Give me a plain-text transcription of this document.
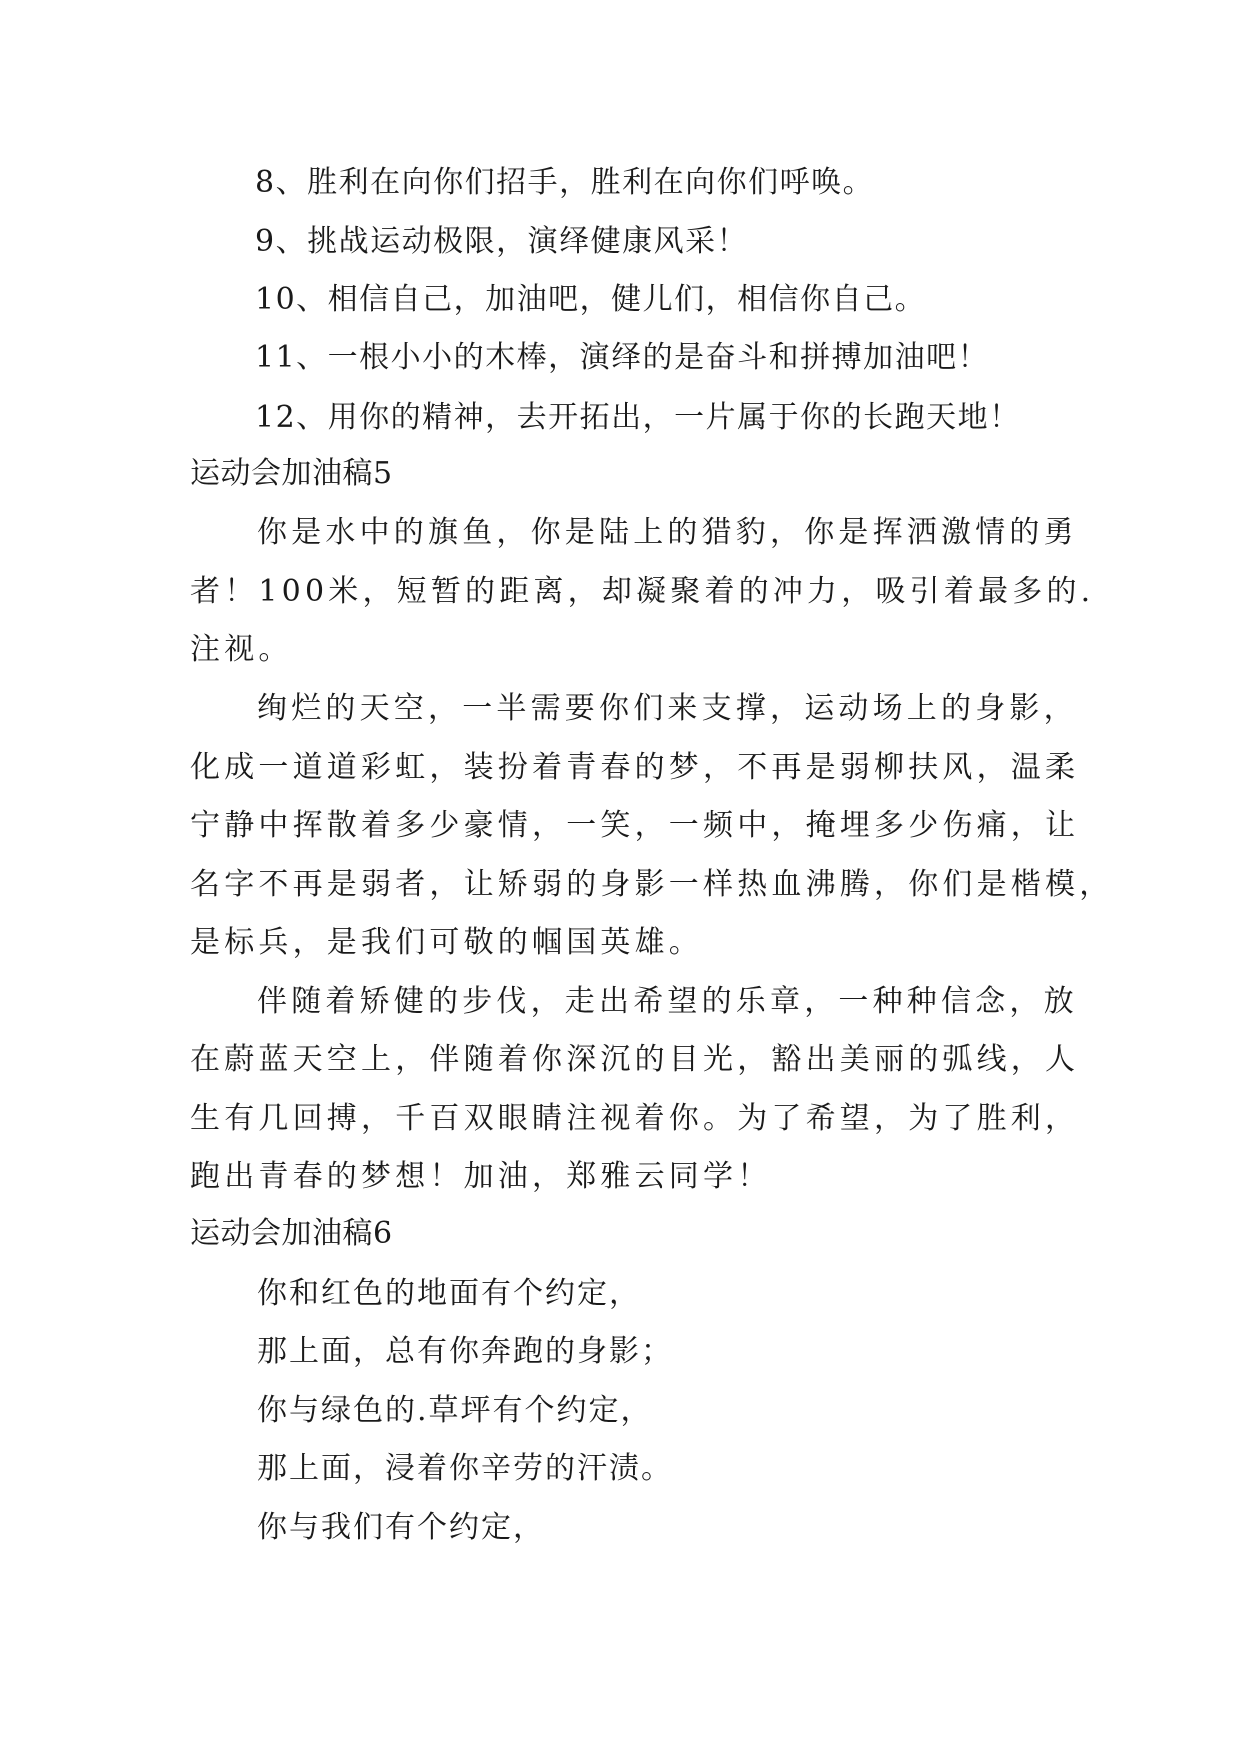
8、胜利在向你们招手，胜利在向你们呼唤。

9、挑战运动极限，演绎健康风采！

10、相信自己，加油吧，健儿们，相信你自己。

11、一根小小的木棒，演绎的是奋斗和拼搏加油吧！

12、用你的精神，去开拓出，一片属于你的长跑天地！

运动会加油稿5

你是水中的旗鱼，你是陆上的猎豹，你是挥洒激情的勇

者！100米，短暂的距离，却凝聚着的冲力，吸引着最多的.

注视。

绚烂的天空，一半需要你们来支撑，运动场上的身影，

化成一道道彩虹，装扮着青春的梦，不再是弱柳扶风，温柔

宁静中挥散着多少豪情，一笑，一频中，掩埋多少伤痛，让

名字不再是弱者，让矫弱的身影一样热血沸腾，你们是楷模，

是标兵，是我们可敬的帼国英雄。

伴随着矫健的步伐，走出希望的乐章，一种种信念，放

在蔚蓝天空上，伴随着你深沉的目光，豁出美丽的弧线，人

生有几回搏，千百双眼睛注视着你。为了希望，为了胜利，

跑出青春的梦想！加油，郑雅云同学！

运动会加油稿6

你和红色的地面有个约定，

那上面，总有你奔跑的身影；

你与绿色的.草坪有个约定，

那上面，浸着你辛劳的汗渍。

你与我们有个约定，
